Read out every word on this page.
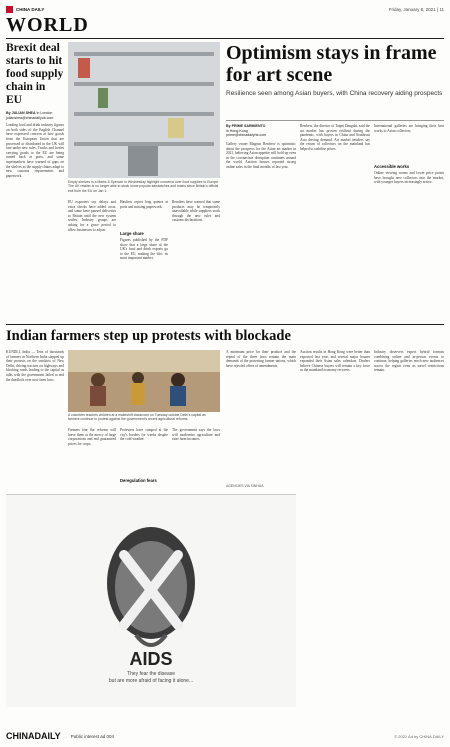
CHINA DAILY	Friday, January 8, 2021 | 11
WORLD
Brexit deal starts to hit food supply chain in EU
By JULIAN SHEA in London
julianshea@chinadailyuk.com
Leading food and drink industry figures on both sides of the English Channel have expressed concern at how goods from the European Union that are processed or distributed in the UK will fare under new rules. Trucks and lorries carrying goods to the EU are being turned back at ports, and some supermarkets have warned of gaps on the shelves as the supply chains adapt to new customs requirements and paperwork.
Empty shelves in a Marks & Spencer in Wednesday highlight concerns over food supplies to Europe. The UK retailer is no longer able to stock some popular sandwiches and mains since Britain's official exit from the EU on Jan 1.
EU exporters say delays and extra checks have added costs, and some have paused deliveries to Britain until the new system settles. Industry groups are asking for a grace period to allow businesses to adjust.
Hauliers report long queues at ports and missing paperwork.
Large share
Figures published by the FDF show that a large share of the UK's food and drink exports go to the EU, making the bloc its most important market.
Retailers have warned that some products may be temporarily unavailable while suppliers work through the new rules and customs declarations.
Optimism stays in frame for art scene
Resilience seen among Asian buyers, with China recovery aiding prospects
By PRIME SARMIENTO
in Hong Kong
prime@chinadailyhk.com
Gallery owner Magnus Renfrew is optimistic about the prospects for the Asian art market in 2021, believing Asian appetite will hold up even as the coronavirus disruption continues around the world. Auction houses reported strong online sales in the final months of last year.
Renfrew, the director of Taipei Dangdai, said the art market has proven resilient during the pandemic, with buyers in China and Southeast Asia driving demand. Art market insiders say the return of collectors on the mainland has helped to stabilise prices.
International galleries are bringing their best works to Asian collectors.
Accessible works
Online viewing rooms and lower price points have brought new collectors into the market, with younger buyers increasingly active.
Indian farmers step up protests with blockade
KUNDLI, India — Tens of thousands of farmers in Northern India stepped up their protests on the outskirts of New Delhi, driving tractors on highways and blocking roads leading to the capital as talks with the government failed to end the deadlock over new farm laws.
A volunteer teaches children at a makeshift classroom on Tuesday outside Delhi's capital as farmers continue to protest against the government's recent agricultural reforms.
Farmers fear the reforms will leave them at the mercy of large corporations and end guaranteed prices for crops.
Protesters have camped at the city's borders for weeks despite the cold weather.
Deregulation fears
The government says the laws will modernise agriculture and raise farm incomes.
A minimum price for their produce and the repeal of the three laws remain the main demands of the protesting farmer unions, which have rejected offers of amendments.
AGENCIES VIA XINHUA
AIDS
They fear the disease
but are more afraid of facing it alone...
Auction results in Hong Kong were better than expected last year, and several major houses expanded their Asian sales calendars. Dealers believe Chinese buyers will remain a key force as the mainland economy recovers.
Industry observers expect hybrid formats combining online and in-person events to continue, helping galleries reach new audiences across the region even as travel restrictions remain.
CHINADAILY Public interest ad 004	© 2021 Ad by CHINA DAILY
